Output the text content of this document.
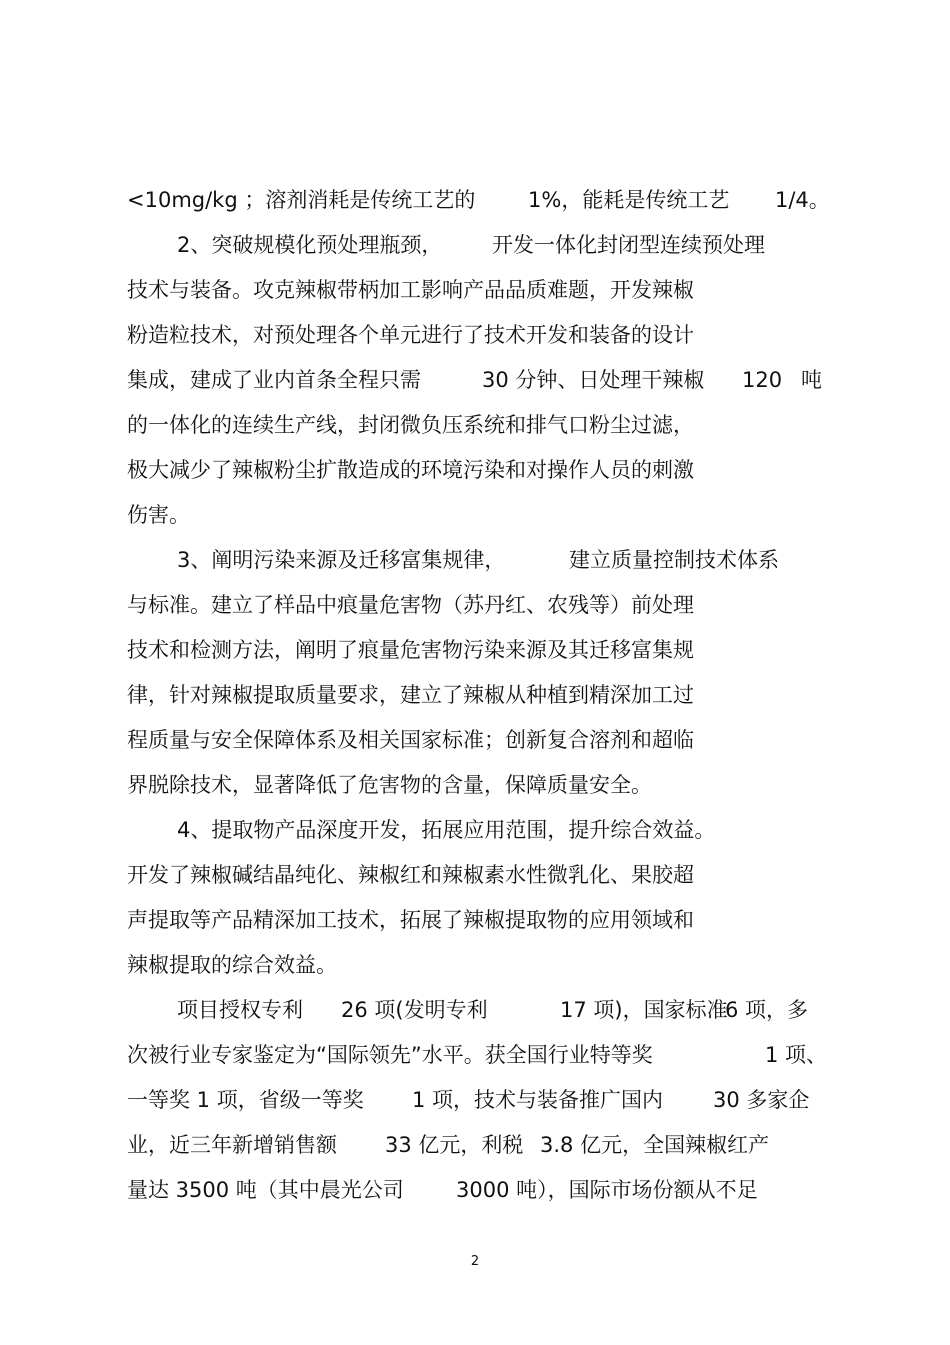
<10mg/kg ；溶剂消耗是传统工艺的	1%，能耗是传统工艺 1/4。
2、突破规模化预处理瓶颈， 开发一体化封闭型连续预处理
技术与装备。攻克辣椒带柄加工影响产品品质难题，开发辣椒
粉造粒技术，对预处理各个单元进行了技术开发和装备的设计
集成，建成了业内首条全程只需	30 分钟、日处理干辣椒 120 吨
的一体化的连续生产线，封闭微负压系统和排气口粉尘过滤，
极大减少了辣椒粉尘扩散造成的环境污染和对操作人员的刺激
伤害。
3、阐明污染来源及迁移富集规律，	建立质量控制技术体系
与标准。建立了样品中痕量危害物（苏丹红、农残等）前处理
技术和检测方法，阐明了痕量危害物污染来源及其迁移富集规
律，针对辣椒提取质量要求，建立了辣椒从种植到精深加工过
程质量与安全保障体系及相关国家标准；创新复合溶剂和超临
界脱除技术，显著降低了危害物的含量，保障质量安全。
4、提取物产品深度开发，拓展应用范围，提升综合效益。
开发了辣椒碱结晶纯化、辣椒红和辣椒素水性微乳化、果胶超
声提取等产品精深加工技术，拓展了辣椒提取物的应用领域和
辣椒提取的综合效益。
项目授权专利 26 项(发明专利	17 项)，国家标准
6 项，多
次被行业专家鉴定为“国际领先”水平。获全国行业特等奖	1 项、
一等奖 1 项，省级一等奖 1 项，技术与装备推广国内 30 多家企
业，近三年新增销售额 33 亿元，利税 3.8 亿元，全国辣椒红产
量达 3500 吨（其中晨光公司 3000 吨），国际市场份额从不足
2
